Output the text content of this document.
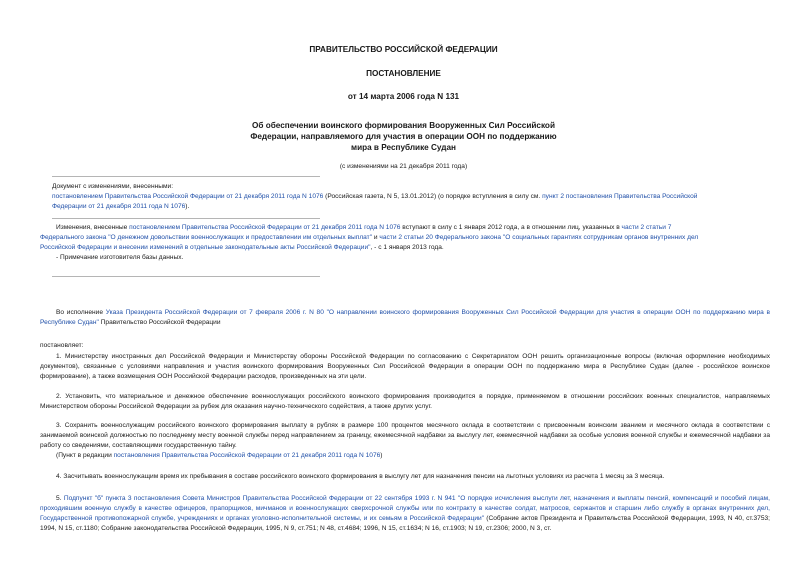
ПРАВИТЕЛЬСТВО РОССИЙСКОЙ ФЕДЕРАЦИИ
ПОСТАНОВЛЕНИЕ
от 14 марта 2006 года N 131
Об обеспечении воинского формирования Вооруженных Сил Российской
Федерации, направляемого для участия в операции ООН по поддержанию
мира в Республике Судан
(с изменениями на 21 декабря 2011 года)
Документ с изменениями, внесенными:
постановлением Правительства Российской Федерации от 21 декабря 2011 года N 1076 (Российская газета, N 5, 13.01.2012) (о порядке вступления в силу см. пункт 2 постановления Правительства Российской
Федерации от 21 декабря 2011 года N 1076).
Изменения, внесенные постановлением Правительства Российской Федерации от 21 декабря 2011 года N 1076 вступают в силу с 1 января 2012 года, а в отношении лиц, указанных в части 2 статьи 7
Федерального закона "О денежном довольствии военнослужащих и предоставлении им отдельных выплат" и части 2 статьи 20 Федерального закона "О социальных гарантиях сотрудникам органов внутренних дел
Российской Федерации и внесении изменений в отдельные законодательные акты Российской Федерации", - с 1 января 2013 года.
- Примечание изготовителя базы данных.
Во исполнение Указа Президента Российской Федерации от 7 февраля 2006 г. N 80 "О направлении воинского формирования Вооруженных Сил Российской Федерации для участия в операции ООН по поддержанию мира в Республике Судан" Правительство Российской Федерации
постановляет:
1. Министерству иностранных дел Российской Федерации и Министерству обороны Российской Федерации по согласованию с Секретариатом ООН решить организационные вопросы (включая оформление необходимых документов), связанные с условиями направления и участия воинского формирования Вооруженных Сил Российской Федерации в операции ООН по поддержанию мира в Республике Судан (далее - российское воинское формирование), а также возмещения ООН Российской Федерации расходов, произведенных на эти цели.
2. Установить, что материальное и денежное обеспечение военнослужащих российского воинского формирования производится в порядке, применяемом в отношении российских военных специалистов, направляемых Министерством обороны Российской Федерации за рубеж для оказания научно-технического содействия, а также других услуг.
3. Сохранить военнослужащим российского воинского формирования выплату в рублях в размере 100 процентов месячного оклада в соответствии с присвоенным воинским званием и месячного оклада в соответствии с занимаемой воинской должностью по последнему месту военной службы перед направлением за границу, ежемесячной надбавки за выслугу лет, ежемесячной надбавки за особые условия военной службы и ежемесячной надбавки за работу со сведениями, составляющими государственную тайну.
(Пункт в редакции постановления Правительства Российской Федерации от 21 декабря 2011 года N 1076)
4. Засчитывать военнослужащим время их пребывания в составе российского воинского формирования в выслугу лет для назначения пенсии на льготных условиях из расчета 1 месяц за 3 месяца.
5. Подпункт "б" пункта 3 постановления Совета Министров Правительства Российской Федерации от 22 сентября 1993 г. N 941 "О порядке исчисления выслуги лет, назначения и выплаты пенсий, компенсаций и пособий лицам, проходившим военную службу в качестве офицеров, прапорщиков, мичманов и военнослужащих сверхсрочной службы или по контракту в качестве солдат, матросов, сержантов и старшин либо службу в органах внутренних дел, Государственной противопожарной службе, учреждениях и органах уголовно-исполнительной системы, и их семьям в Российской Федерации" (Собрание актов Президента и Правительства Российской Федерации, 1993, N 40, ст.3753; 1994, N 15, ст.1180; Собрание законодательства Российской Федерации, 1995, N 9, ст.751; N 48, ст.4684; 1996, N 15, ст.1634; N 16, ст.1903; N 19, ст.2306; 2000, N 3, ст.
